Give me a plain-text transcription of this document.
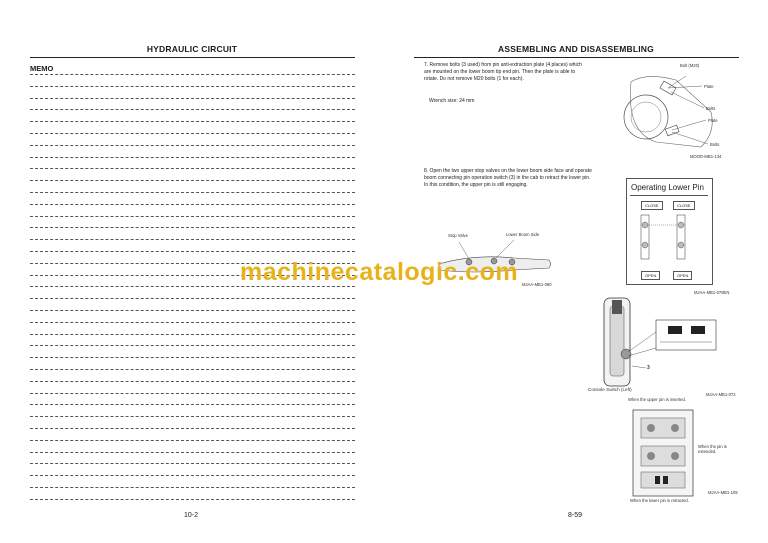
HYDRAULIC CIRCUIT
MEMO
10-2
ASSEMBLING AND DISASSEMBLING
7. Remove bolts (3 used) from pin anti-extraction plate (4 places) which are mounted on the lower boom tip end pin. Then the plate is able to rotate. Do not remove M20 bolts (1 for each).
Wrench size: 24 mm
Bolt (M20)
Plate
Bolts
Plate
Bolts
MOOD-MB1-134
8. Open the two upper stop valves on the lower boom side face and operate boom connecting pin operation switch (3) in the cab to retract the lower pin. In this condition, the upper pin is still engaging.
Stop Valve	Lower Boom Side
MJAA-MB1-080
Operating Lower Pin
CLOSE	CLOSE
OPEN	OPEN
MJAA-MB1-078EN
3
Console Switch (Left)
MJAA-MB1-072
When the upper pin is inserted.
When the pin is extended.
MJAA-MB1-109
When the lower pin is retracted.
8-59
machinecatalogic.com
